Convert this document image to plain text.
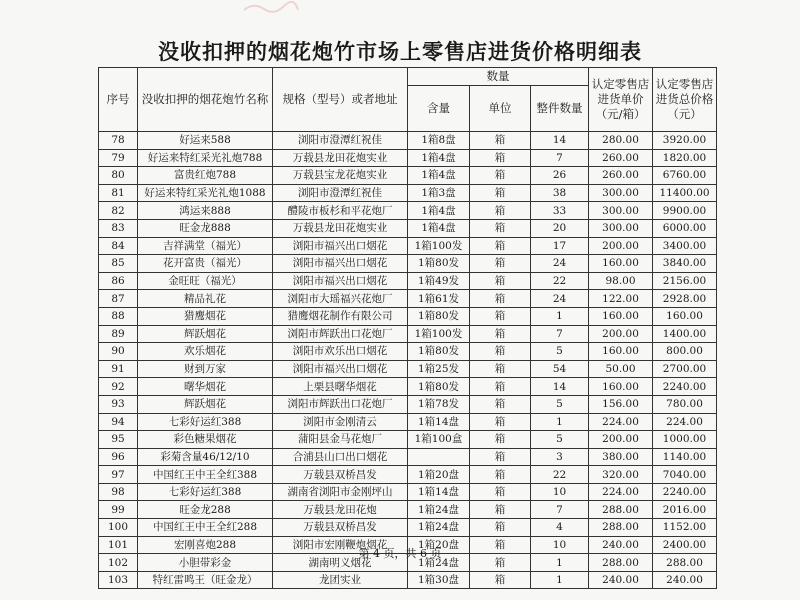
没收扣押的烟花炮竹市场上零售店进货价格明细表
序号	没收扣押的烟花炮竹名称	规格（型号）或者地址	数量			认定零售店进货单价（元/箱）	认定零售店进货总价格（元）
			含量	单位	整件数量		
78	好运来588	浏阳市澄潭红祝佳	1箱8盘	箱	14	280.00	3920.00
79	好运来特红采光礼炮788	万载县龙田花炮实业	1箱4盘	箱	7	260.00	1820.00
80	富贵红炮788	万载县宝龙花炮实业	1箱4盘	箱	26	260.00	6760.00
81	好运来特红采光礼炮1088	浏阳市澄潭红祝佳	1箱3盘	箱	38	300.00	11400.00
82	鸿运来888	醴陵市板杉和平花炮厂	1箱4盘	箱	33	300.00	9900.00
83	旺金龙888	万载县龙田花炮实业	1箱4盘	箱	20	300.00	6000.00
84	吉祥满堂（福光）	浏阳市福兴出口烟花	1箱100发	箱	17	200.00	3400.00
85	花开富贵（福光）	浏阳市福兴出口烟花	1箱80发	箱	24	160.00	3840.00
86	金旺旺（福光）	浏阳市福兴出口烟花	1箱49发	箱	22	98.00	2156.00
87	精品礼花	浏阳市大瑶福兴花炮厂	1箱61发	箱	24	122.00	2928.00
88	猎鹰烟花	猎鹰烟花制作有限公司	1箱80发	箱	1	160.00	160.00
89	辉跃烟花	浏阳市辉跃出口花炮厂	1箱100发	箱	7	200.00	1400.00
90	欢乐烟花	浏阳市欢乐出口烟花	1箱80发	箱	5	160.00	800.00
91	财到万家	浏阳市福兴出口烟花	1箱25发	箱	54	50.00	2700.00
92	曙华烟花	上栗县曙华烟花	1箱80发	箱	14	160.00	2240.00
93	辉跃烟花	浏阳市辉跃出口花炮厂	1箱78发	箱	5	156.00	780.00
94	七彩好运红388	浏阳市金刚清云	1箱14盘	箱	1	224.00	224.00
95	彩色糖果烟花	蒲阳县金马花炮厂	1箱100盒	箱	5	200.00	1000.00
96	彩菊含量46/12/10	合浦县山口出口烟花		箱	3	380.00	1140.00
97	中国红王中王全红388	万载县双桥昌发	1箱20盘	箱	22	320.00	7040.00
98	七彩好运红388	湖南省浏阳市金刚坪山	1箱14盘	箱	10	224.00	2240.00
99	旺金龙288	万载县龙田花炮	1箱24盘	箱	7	288.00	2016.00
100	中国红王中王全红288	万载县双桥昌发	1箱24盘	箱	4	288.00	1152.00
101	宏刚喜炮288	浏阳市宏刚鞭炮烟花	1箱20盘	箱	10	240.00	2400.00
102	小胆带彩金	湖南明义烟花	1箱24盘	箱	1	288.00	288.00
103	特红雷鸣王（旺金龙）	龙团实业	1箱30盘	箱	1	240.00	240.00
第 4 页，共 6 页
